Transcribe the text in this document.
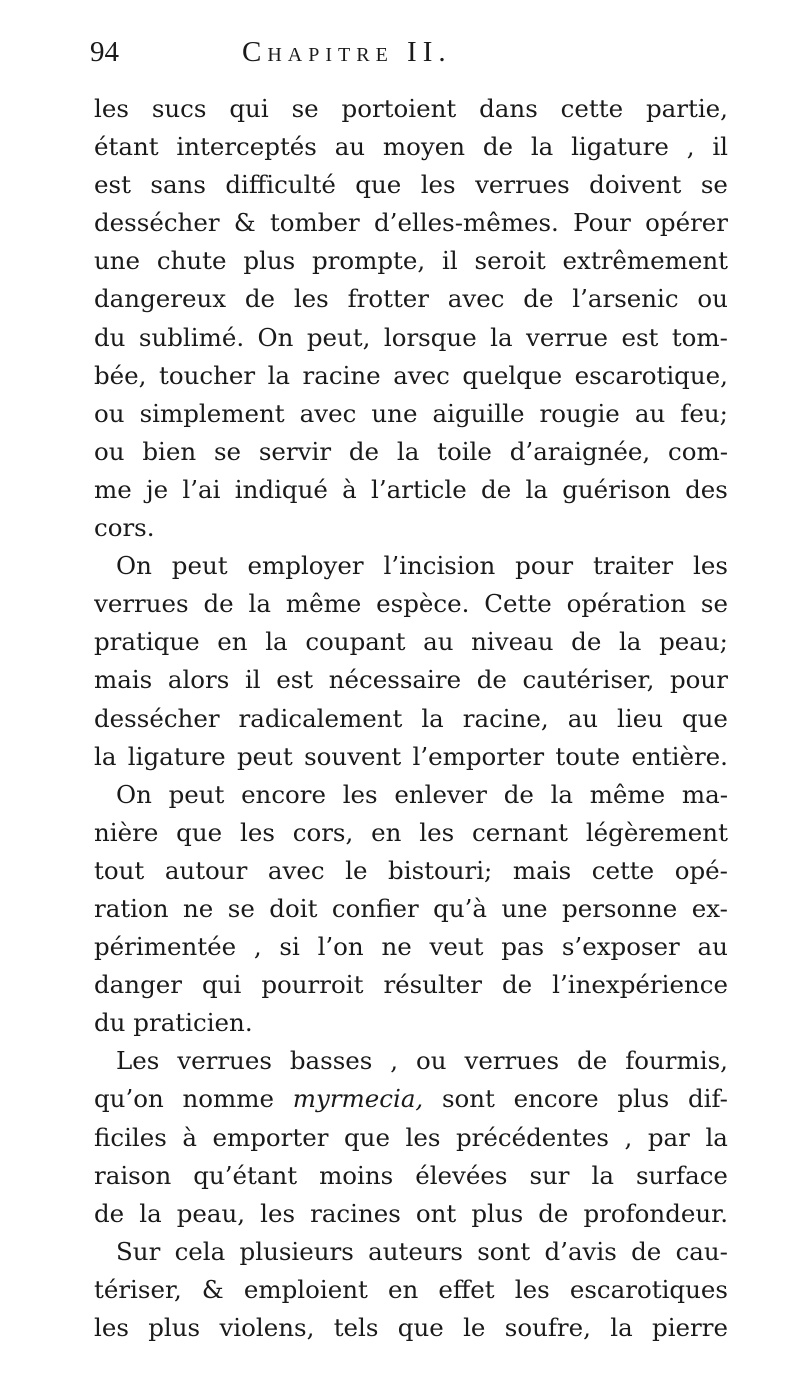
94	Chapitre II.
les sucs qui se portoient dans cette partie,
étant interceptés au moyen de la ligature , il
est sans difficulté que les verrues doivent se
dessécher & tomber d’elles-mêmes. Pour opérer
une chute plus prompte, il seroit extrêmement
dangereux de les frotter avec de l’arsenic ou
du sublimé. On peut, lorsque la verrue est tom-
bée, toucher la racine avec quelque escarotique,
ou simplement avec une aiguille rougie au feu;
ou bien se servir de la toile d’araignée, com-
me je l’ai indiqué à l’article de la guérison des
cors.
On peut employer l’incision pour traiter les
verrues de la même espèce. Cette opération se
pratique en la coupant au niveau de la peau;
mais alors il est nécessaire de cautériser, pour
dessécher radicalement la racine, au lieu que
la ligature peut souvent l’emporter toute entière.
On peut encore les enlever de la même ma-
nière que les cors, en les cernant légèrement
tout autour avec le bistouri; mais cette opé-
ration ne se doit confier qu’à une personne ex-
périmentée , si l’on ne veut pas s’exposer au
danger qui pourroit résulter de l’inexpérience
du praticien.
Les verrues basses , ou verrues de fourmis,
qu’on nomme myrmecia, sont encore plus dif-
ficiles à emporter que les précédentes , par la
raison qu’étant moins élevées sur la surface
de la peau, les racines ont plus de profondeur.
Sur cela plusieurs auteurs sont d’avis de cau-
tériser, & emploient en effet les escarotiques
les plus violens, tels que le soufre, la pierre
